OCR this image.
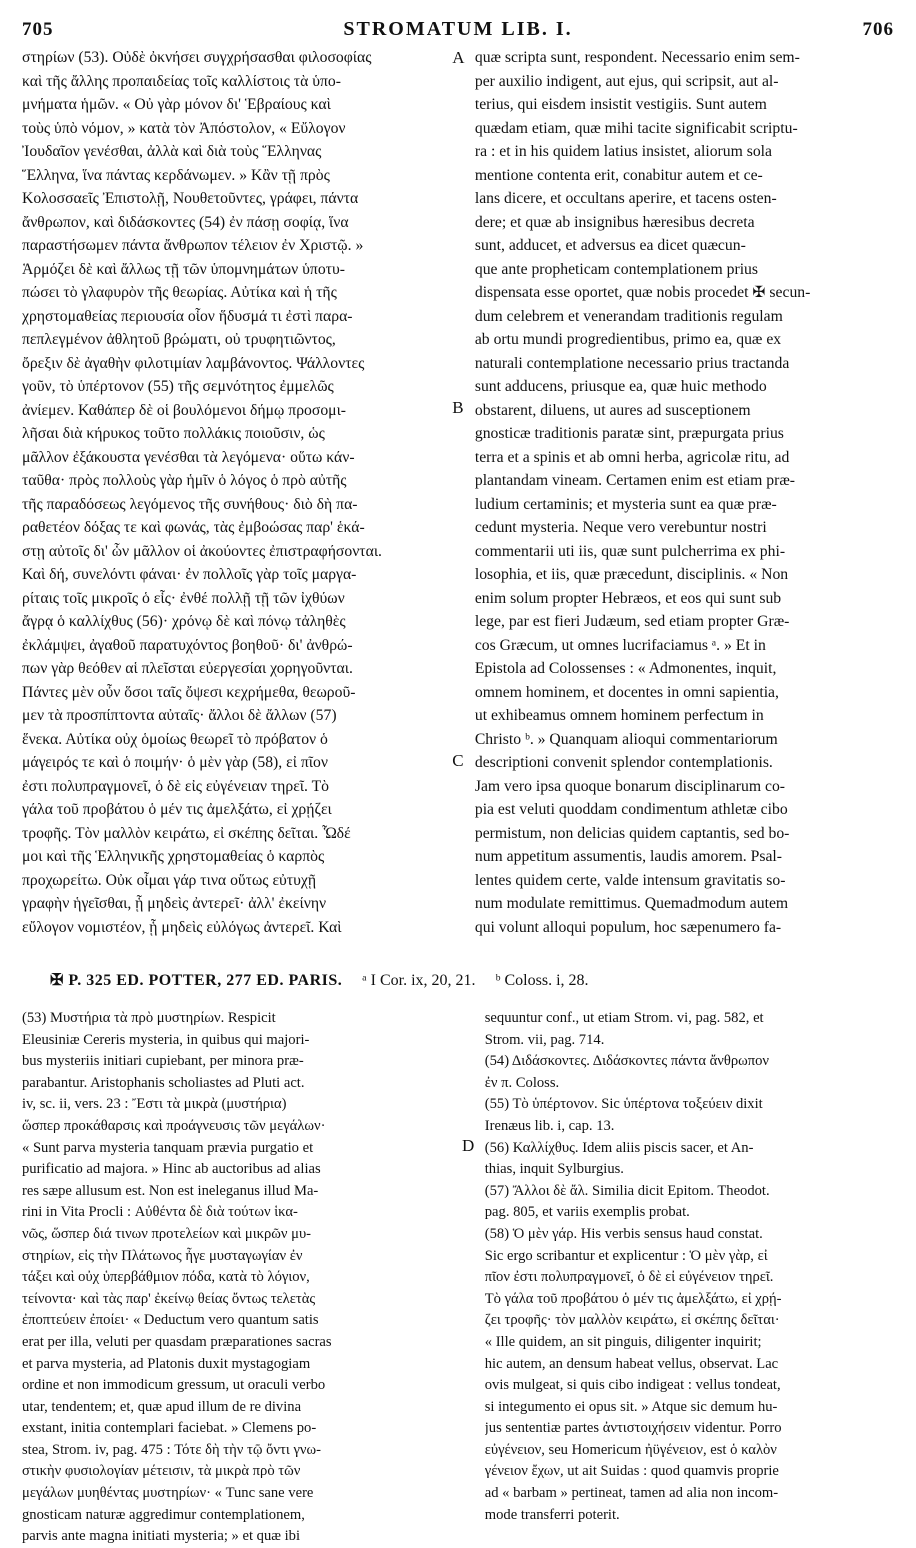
705	STROMATUM LIB. I.	706
στηρίων (53). Οὐδὲ ὀκνήσει συγχρήσασθαι φιλοσοφίας
καὶ τῆς ἄλλης προπαιδείας τοῖς καλλίστοις τὰ ὑπο-
μνήματα ἡμῶν. « Οὐ γὰρ μόνον δι' Ἑβραίους καὶ
τοὺς ὑπὸ νόμον, » κατὰ τὸν Ἀπόστολον, « Εὔλογον
Ἰουδαῖον γενέσθαι, ἀλλὰ καὶ διὰ τοὺς Ἕλληνας
Ἕλληνα, ἵνα πάντας κερδάνωμεν. » Κἂν τῇ πρὸς
Κολοσσαεῖς Ἐπιστολῇ, Νουθετοῦντες, γράφει, πάντα
ἄνθρωπον, καὶ διδάσκοντες (54) ἐν πάσῃ σοφίᾳ, ἵνα
παραστήσωμεν πάντα ἄνθρωπον τέλειον ἐν Χριστῷ. »
Ἁρμόζει δὲ καὶ ἄλλως τῇ τῶν ὑπομνημάτων ὑποτυ-
πώσει τὸ γλαφυρὸν τῆς θεωρίας. Αὐτίκα καὶ ἡ τῆς
χρηστομαθείας περιουσία οἷον ἥδυσμά τι ἐστὶ παρα-
πεπλεγμένον ἀθλητοῦ βρώματι, οὐ τρυφητιῶντος,
ὄρεξιν δὲ ἀγαθὴν φιλοτιμίαν λαμβάνοντος. Ψάλλοντες
γοῦν, τὸ ὑπέρτονον (55) τῆς σεμνότητος ἐμμελῶς
ἀνίεμεν. Καθάπερ δὲ οἱ βουλόμενοι δήμῳ προσομι-
λῆσαι διὰ κήρυκος τοῦτο πολλάκις ποιοῦσιν, ὡς
μᾶλλον ἐξάκουστα γενέσθαι τὰ λεγόμενα· οὕτω κάν-
ταῦθα· πρὸς πολλοὺς γὰρ ἡμῖν ὁ λόγος ὁ πρὸ αὐτῆς
τῆς παραδόσεως λεγόμενος τῆς συνήθους· διὸ δὴ πα-
ραθετέον δόξας τε καὶ φωνάς, τὰς ἐμβοώσας παρ' ἑκά-
στῃ αὐτοῖς δι' ὧν μᾶλλον οἱ ἀκούοντες ἐπιστραφήσονται.
Καὶ δή, συνελόντι φάναι· ἐν πολλοῖς γὰρ τοῖς μαργα-
ρίταις τοῖς μικροῖς ὁ εἷς· ἐνθέ πολλῇ τῇ τῶν ἰχθύων
ἄγρᾳ ὁ καλλίχθυς (56)· χρόνῳ δὲ καὶ πόνῳ τἀληθὲς
ἐκλάμψει, ἀγαθοῦ παρατυχόντος βοηθοῦ· δι' ἀνθρώ-
πων γὰρ θεόθεν αἱ πλεῖσται εὐεργεσίαι χορηγοῦνται.
Πάντες μὲν οὖν ὅσοι ταῖς ὄψεσι κεχρήμεθα, θεωροῦ-
μεν τὰ προσπίπτοντα αὐταῖς· ἄλλοι δὲ ἄλλων (57)
ἕνεκα. Αὐτίκα οὐχ ὁμοίως θεωρεῖ τὸ πρόβατον ὁ
μάγειρός τε καὶ ὁ ποιμήν· ὁ μὲν γὰρ (58), εἰ πῖον
ἐστι πολυπραγμονεῖ, ὁ δὲ εἰς εὐγένειαν τηρεῖ. Τὸ
γάλα τοῦ προβάτου ὁ μέν τις ἀμελξάτω, εἰ χρῄζει
τροφῆς. Τὸν μαλλὸν κειράτω, εἰ σκέπης δεῖται. Ὧδέ
μοι καὶ τῆς Ἑλληνικῆς χρηστομαθείας ὁ καρπὸς
προχωρείτω. Οὐκ οἶμαι γάρ τινα οὕτως εὐτυχῇ
γραφὴν ἡγεῖσθαι, ᾗ μηδεὶς ἀντερεῖ· ἀλλ' ἐκείνην
εὔλογον νομιστέον, ᾗ μηδεὶς εὐλόγως ἀντερεῖ. Καὶ
A
B
C
quæ scripta sunt, respondent. Necessario enim sem-
per auxilio indigent, aut ejus, qui scripsit, aut al-
terius, qui eisdem insistit vestigiis. Sunt autem
quædam etiam, quæ mihi tacite significabit scriptu-
ra : et in his quidem latius insistet, aliorum sola
mentione contenta erit, conabitur autem et ce-
lans dicere, et occultans aperire, et tacens osten-
dere; et quæ ab insignibus hæresibus decreta
sunt, adducet, et adversus ea dicet quæcun-
que ante propheticam contemplationem prius
dispensata esse oportet, quæ nobis procedet ✠ secun-
dum celebrem et venerandam traditionis regulam
ab ortu mundi progredientibus, primo ea, quæ ex
naturali contemplatione necessario prius tractanda
sunt adducens, priusque ea, quæ huic methodo
obstarent, diluens, ut aures ad susceptionem
gnosticæ traditionis paratæ sint, præpurgata prius
terra et a spinis et ab omni herba, agricolæ ritu, ad
plantandam vineam. Certamen enim est etiam præ-
ludium certaminis; et mysteria sunt ea quæ præ-
cedunt mysteria. Neque vero verebuntur nostri
commentarii uti iis, quæ sunt pulcherrima ex phi-
losophia, et iis, quæ præcedunt, disciplinis. « Non
enim solum propter Hebræos, et eos qui sunt sub
lege, par est fieri Judæum, sed etiam propter Græ-
cos Græcum, ut omnes lucrifaciamus ᵃ. » Et in
Epistola ad Colossenses : « Admonentes, inquit,
omnem hominem, et docentes in omni sapientia,
ut exhibeamus omnem hominem perfectum in
Christo ᵇ. » Quanquam alioqui commentariorum
descriptioni convenit splendor contemplationis.
Jam vero ipsa quoque bonarum disciplinarum co-
pia est veluti quoddam condimentum athletæ cibo
permistum, non delicias quidem captantis, sed bo-
num appetitum assumentis, laudis amorem. Psal-
lentes quidem certe, valde intensum gravitatis so-
num modulate remittimus. Quemadmodum autem
qui volunt alloqui populum, hoc sæpenumero fa-
✠ P. 325 ED. POTTER, 277 ED. PARIS. ᵃ I Cor. ix, 20, 21. ᵇ Coloss. i, 28.
(53) Μυστήρια τὰ πρὸ μυστηρίων. Respicit
Eleusiniæ Cereris mysteria, in quibus qui majori-
bus mysteriis initiari cupiebant, per minora præ-
parabantur. Aristophanis scholiastes ad Pluti act.
iv, sc. ii, vers. 23 : Ἔστι τὰ μικρὰ (μυστήρια)
ὥσπερ προκάθαρσις καὶ προάγνευσις τῶν μεγάλων·
« Sunt parva mysteria tanquam prævia purgatio et
purificatio ad majora. » Hinc ab auctoribus ad alias
res sæpe allusum est. Non est ineleganus illud Ma-
rini in Vita Procli : Αὐθέντα δὲ διὰ τούτων ἱκα-
νῶς, ὥσπερ διά τινων προτελείων καὶ μικρῶν μυ-
στηρίων, εἰς τὴν Πλάτωνος ἦγε μυσταγωγίαν ἐν
τάξει καὶ οὐχ ὑπερβάθμιον πόδα, κατὰ τὸ λόγιον,
τείνοντα· καὶ τὰς παρ' ἐκείνῳ θείας ὄντως τελετὰς
ἐποπτεύειν ἐποίει· « Deductum vero quantum satis
erat per illa, veluti per quasdam præparationes sacras
et parva mysteria, ad Platonis duxit mystagogiam
ordine et non immodicum gressum, ut oraculi verbo
utar, tendentem; et, quæ apud illum de re divina
exstant, initia contemplari faciebat. » Clemens po-
stea, Strom. iv, pag. 475 : Τότε δὴ τὴν τῷ ὄντι γνω-
στικὴν φυσιολογίαν μέτεισιν, τὰ μικρὰ πρὸ τῶν
μεγάλων μυηθέντας μυστηρίων· « Tunc sane vere
gnosticam naturæ aggredimur contemplationem,
parvis ante magna initiati mysteria; » et quæ ibi
D
sequuntur conf., ut etiam Strom. vi, pag. 582, et
Strom. vii, pag. 714.
(54) Διδάσκοντες. Διδάσκοντες πάντα ἄνθρωπον
ἐν π. Coloss.
(55) Τὸ ὑπέρτονον. Sic ὑπέρτονα τοξεύειν dixit
Irenæus lib. i, cap. 13.
(56) Καλλίχθυς. Idem aliis piscis sacer, et An-
thias, inquit Sylburgius.
(57) Ἄλλοι δὲ ἄλ. Similia dicit Epitom. Theodot.
pag. 805, et variis exemplis probat.
(58) Ὁ μὲν γάρ. His verbis sensus haud constat.
Sic ergo scribantur et explicentur : Ὁ μὲν γὰρ, εἰ
πῖον ἐστι πολυπραγμονεῖ, ὁ δὲ εἰ εὐγένειον τηρεῖ.
Τὸ γάλα τοῦ προβάτου ὁ μέν τις ἀμελξάτω, εἰ χρῄ-
ζει τροφῆς· τὸν μαλλὸν κειράτω, εἰ σκέπης δεῖται·
« Ille quidem, an sit pinguis, diligenter inquirit;
hic autem, an densum habeat vellus, observat. Lac
ovis mulgeat, si quis cibo indigeat : vellus tondeat,
si integumento ei opus sit. » Atque sic demum hu-
jus sententiæ partes ἀντιστοιχήσειν videntur. Porro
εὐγένειον, seu Homericum ἠϋγένειον, est ὁ καλὸν
γένειον ἔχων, ut ait Suidas : quod quamvis proprie
ad « barbam » pertineat, tamen ad alia non incom-
mode transferri poterit.
